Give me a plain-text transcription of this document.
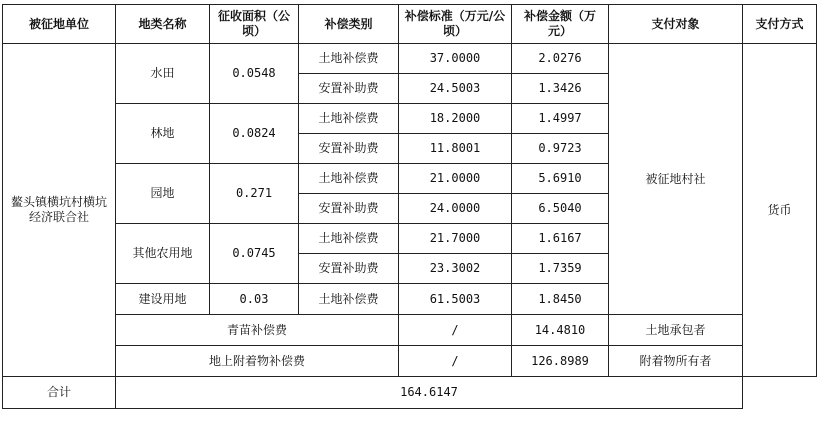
被征地单位	地类名称	征收面积（公顷）	补偿类别	补偿标准（万元/公顷）	补偿金额（万元）	支付对象	支付方式
鳌头镇横坑村横坑经济联合社	水田	0.0548	土地补偿费	37.0000	2.0276	被征地村社	货币
			安置补助费	24.5003	1.3426		
	林地	0.0824	土地补偿费	18.2000	1.4997		
			安置补助费	11.8001	0.9723		
	园地	0.271	土地补偿费	21.0000	5.6910		
			安置补助费	24.0000	6.5040		
	其他农用地	0.0745	土地补偿费	21.7000	1.6167		
			安置补助费	23.3002	1.7359		
	建设用地	0.03	土地补偿费	61.5003	1.8450		
	青苗补偿费			/	14.4810	土地承包者	
	地上附着物补偿费			/	126.8989	附着物所有者	
合计	164.6147						
